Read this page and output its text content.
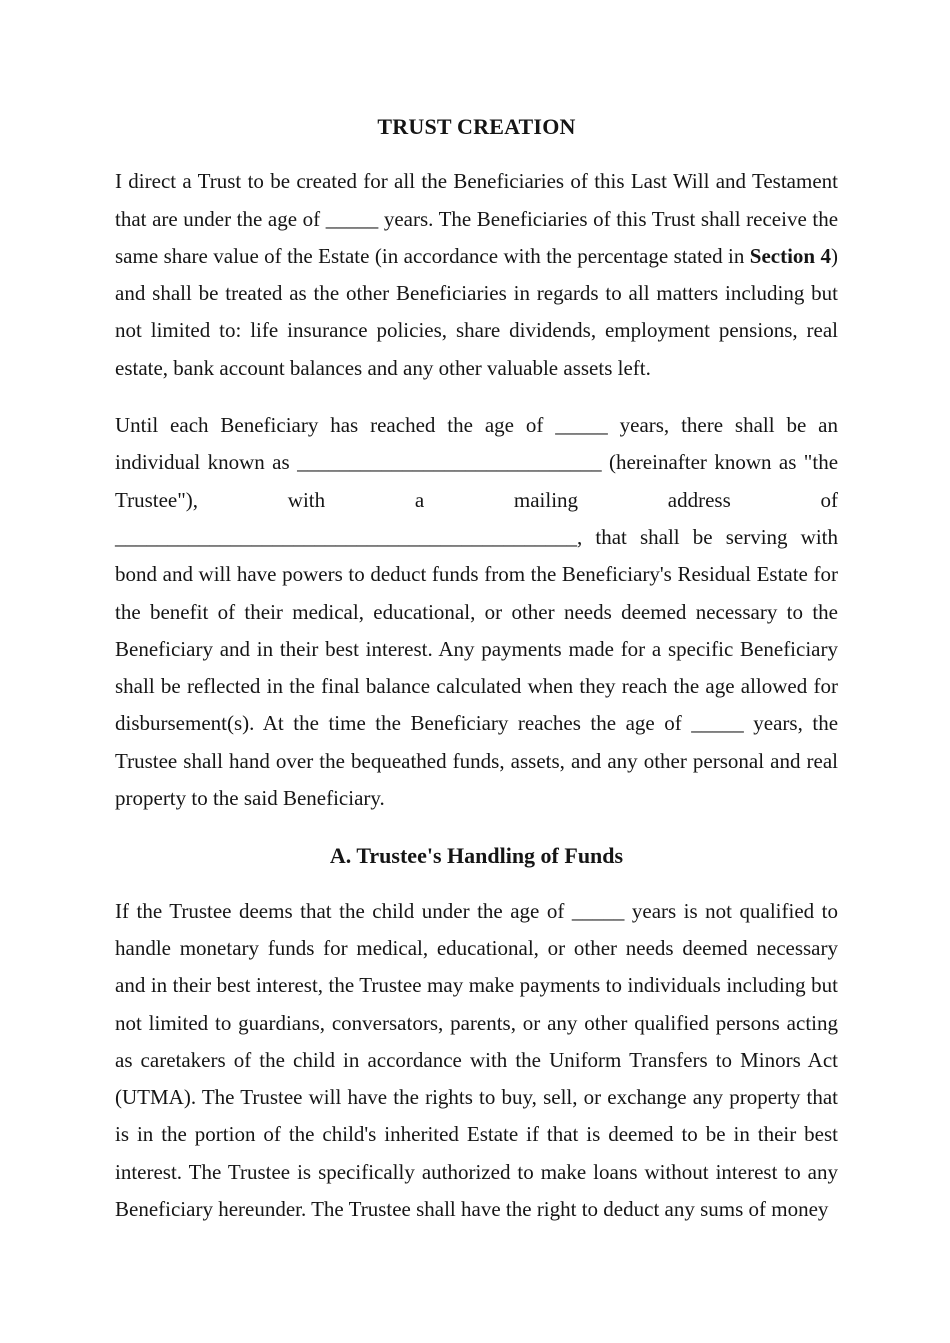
TRUST CREATION

I direct a Trust to be created for all the Beneficiaries of this Last Will and Testament that are under the age of _____ years. The Beneficiaries of this Trust shall receive the same share value of the Estate (in accordance with the percentage stated in Section 4) and shall be treated as the other Beneficiaries in regards to all matters including but not limited to: life insurance policies, share dividends, employment pensions, real estate, bank account balances and any other valuable assets left.

Until each Beneficiary has reached the age of _____ years, there shall be an individual known as _____________________________ (hereinafter known as "the Trustee"), with a mailing address of ____________________________________________, that shall be serving with bond and will have powers to deduct funds from the Beneficiary's Residual Estate for the benefit of their medical, educational, or other needs deemed necessary to the Beneficiary and in their best interest. Any payments made for a specific Beneficiary shall be reflected in the final balance calculated when they reach the age allowed for disbursement(s). At the time the Beneficiary reaches the age of _____ years, the Trustee shall hand over the bequeathed funds, assets, and any other personal and real property to the said Beneficiary.

A. Trustee's Handling of Funds

If the Trustee deems that the child under the age of _____ years is not qualified to handle monetary funds for medical, educational, or other needs deemed necessary and in their best interest, the Trustee may make payments to individuals including but not limited to guardians, conversators, parents, or any other qualified persons acting as caretakers of the child in accordance with the Uniform Transfers to Minors Act (UTMA). The Trustee will have the rights to buy, sell, or exchange any property that is in the portion of the child's inherited Estate if that is deemed to be in their best interest. The Trustee is specifically authorized to make loans without interest to any Beneficiary hereunder. The Trustee shall have the right to deduct any sums of money
